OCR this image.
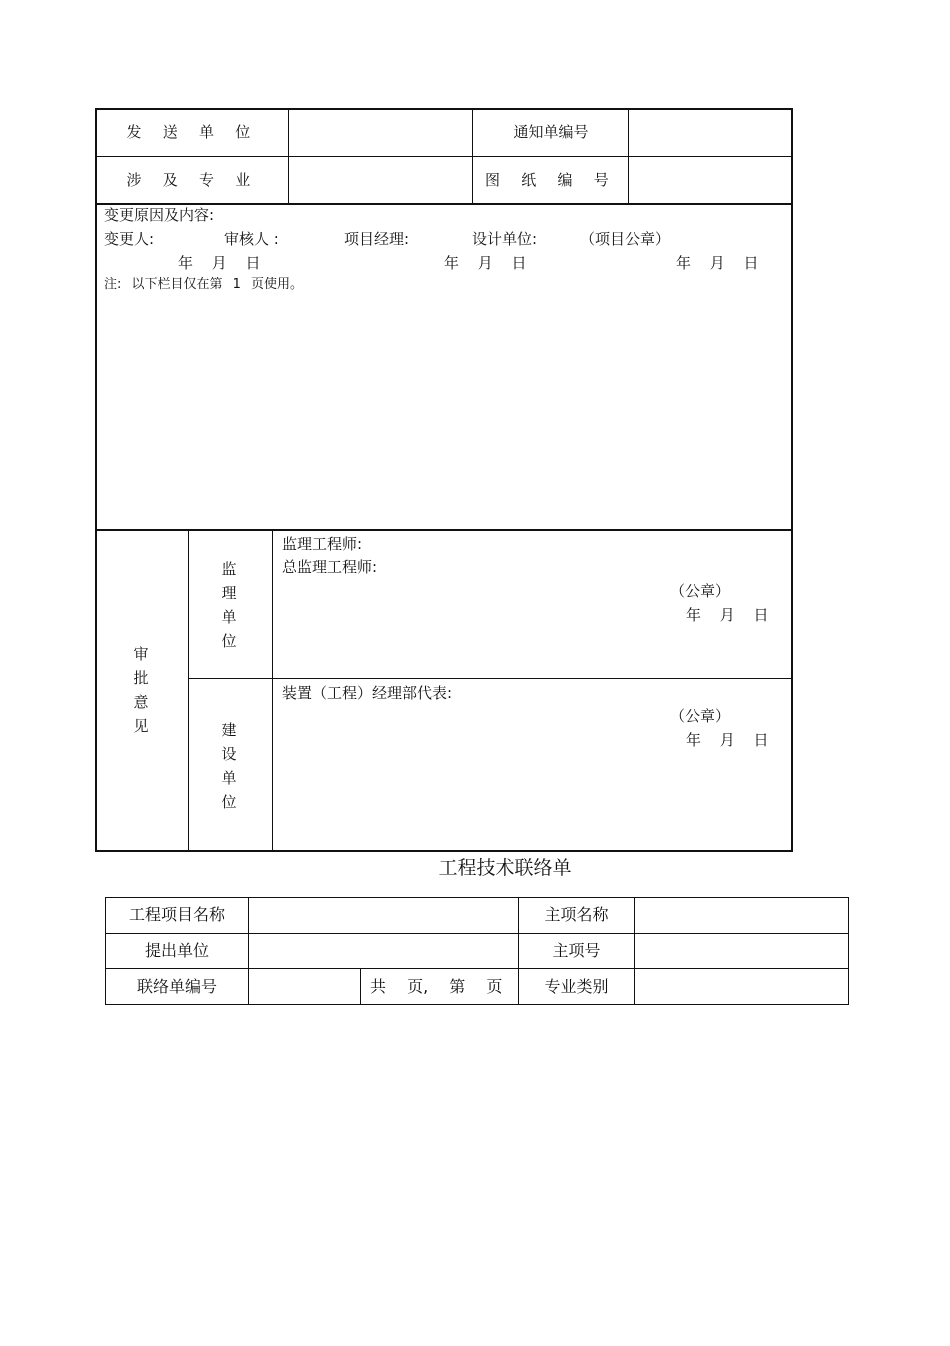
发 送 单 位	通知单编号
涉 及 专 业	图 纸 编 号
变更原因及内容:
变更人:	审核人 :	项目经理:	设计单位:	（项目公章）
年 月 日	年 月 日	年 月 日
注: 以下栏目仅在第 1 页使用。
审
批
意
见
监
理
单
位
建
设
单
位
监理工程师:
总监理工程师:
（公章）
年 月 日
装置（工程）经理部代表:
（公章）
年 月 日
工程技术联络单
工程项目名称	主项名称
提出单位	主项号
联络单编号	共 页, 第 页	专业类别
